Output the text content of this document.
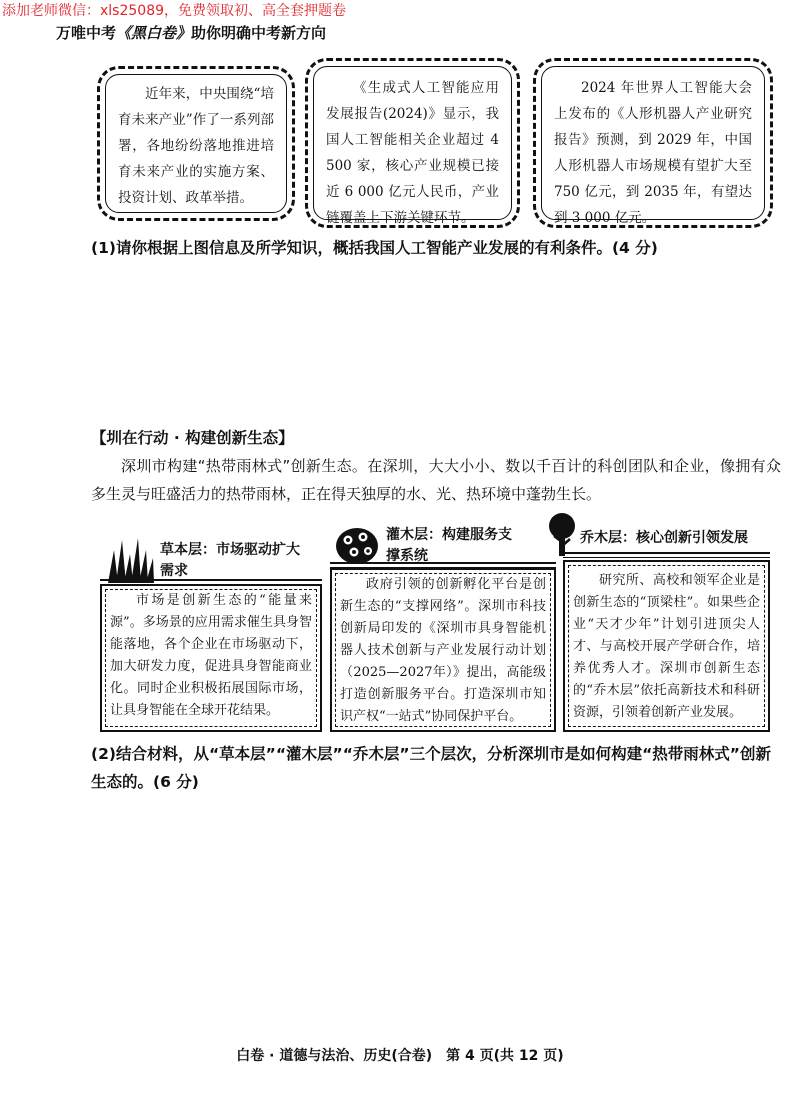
添加老师微信：xls25089，免费领取初、高全套押题卷
万唯中考《黑白卷》助你明确中考新方向
近年来，中央围绕“培育未来产业”作了一系列部署，各地纷纷落地推进培育未来产业的实施方案、投资计划、政革举措。
《生成式人工智能应用发展报告(2024)》显示，我国人工智能相关企业超过 4 500 家，核心产业规模已接近 6 000 亿元人民币，产业链覆盖上下游关键环节。
2024 年世界人工智能大会上发布的《人形机器人产业研究报告》预测，到 2029 年，中国人形机器人市场规模有望扩大至 750 亿元，到 2035 年，有望达到 3 000 亿元。
(1)请你根据上图信息及所学知识，概括我国人工智能产业发展的有利条件。(4 分)
【圳在行动 · 构建创新生态】
深圳市构建“热带雨林式”创新生态。在深圳，大大小小、数以千百计的科创团队和企业，像拥有众多生灵与旺盛活力的热带雨林，正在得天独厚的水、光、热环境中蓬勃生长。
草本层：市场驱动扩大
需求
市场是创新生态的“能量来源”。多场景的应用需求催生具身智能落地，各个企业在市场驱动下，加大研发力度，促进具身智能商业化。同时企业积极拓展国际市场，让具身智能在全球开花结果。
灌木层：构建服务支
撑系统
政府引领的创新孵化平台是创新生态的“支撑网络”。深圳市科技创新局印发的《深圳市具身智能机器人技术创新与产业发展行动计划（2025—2027年）》提出，高能级打造创新服务平台。打造深圳市知识产权“一站式”协同保护平台。
乔木层：核心创新引领发展
研究所、高校和领军企业是创新生态的“顶梁柱”。如果些企业“天才少年”计划引进顶尖人才、与高校开展产学研合作，培养优秀人才。深圳市创新生态的“乔木层”依托高新技术和科研资源，引领着创新产业发展。
(2)结合材料，从“草本层”“灌木层”“乔木层”三个层次，分析深圳市是如何构建“热带雨林式”创新生态的。(6 分)
白卷 · 道德与法治、历史(合卷)　第 4 页(共 12 页)
